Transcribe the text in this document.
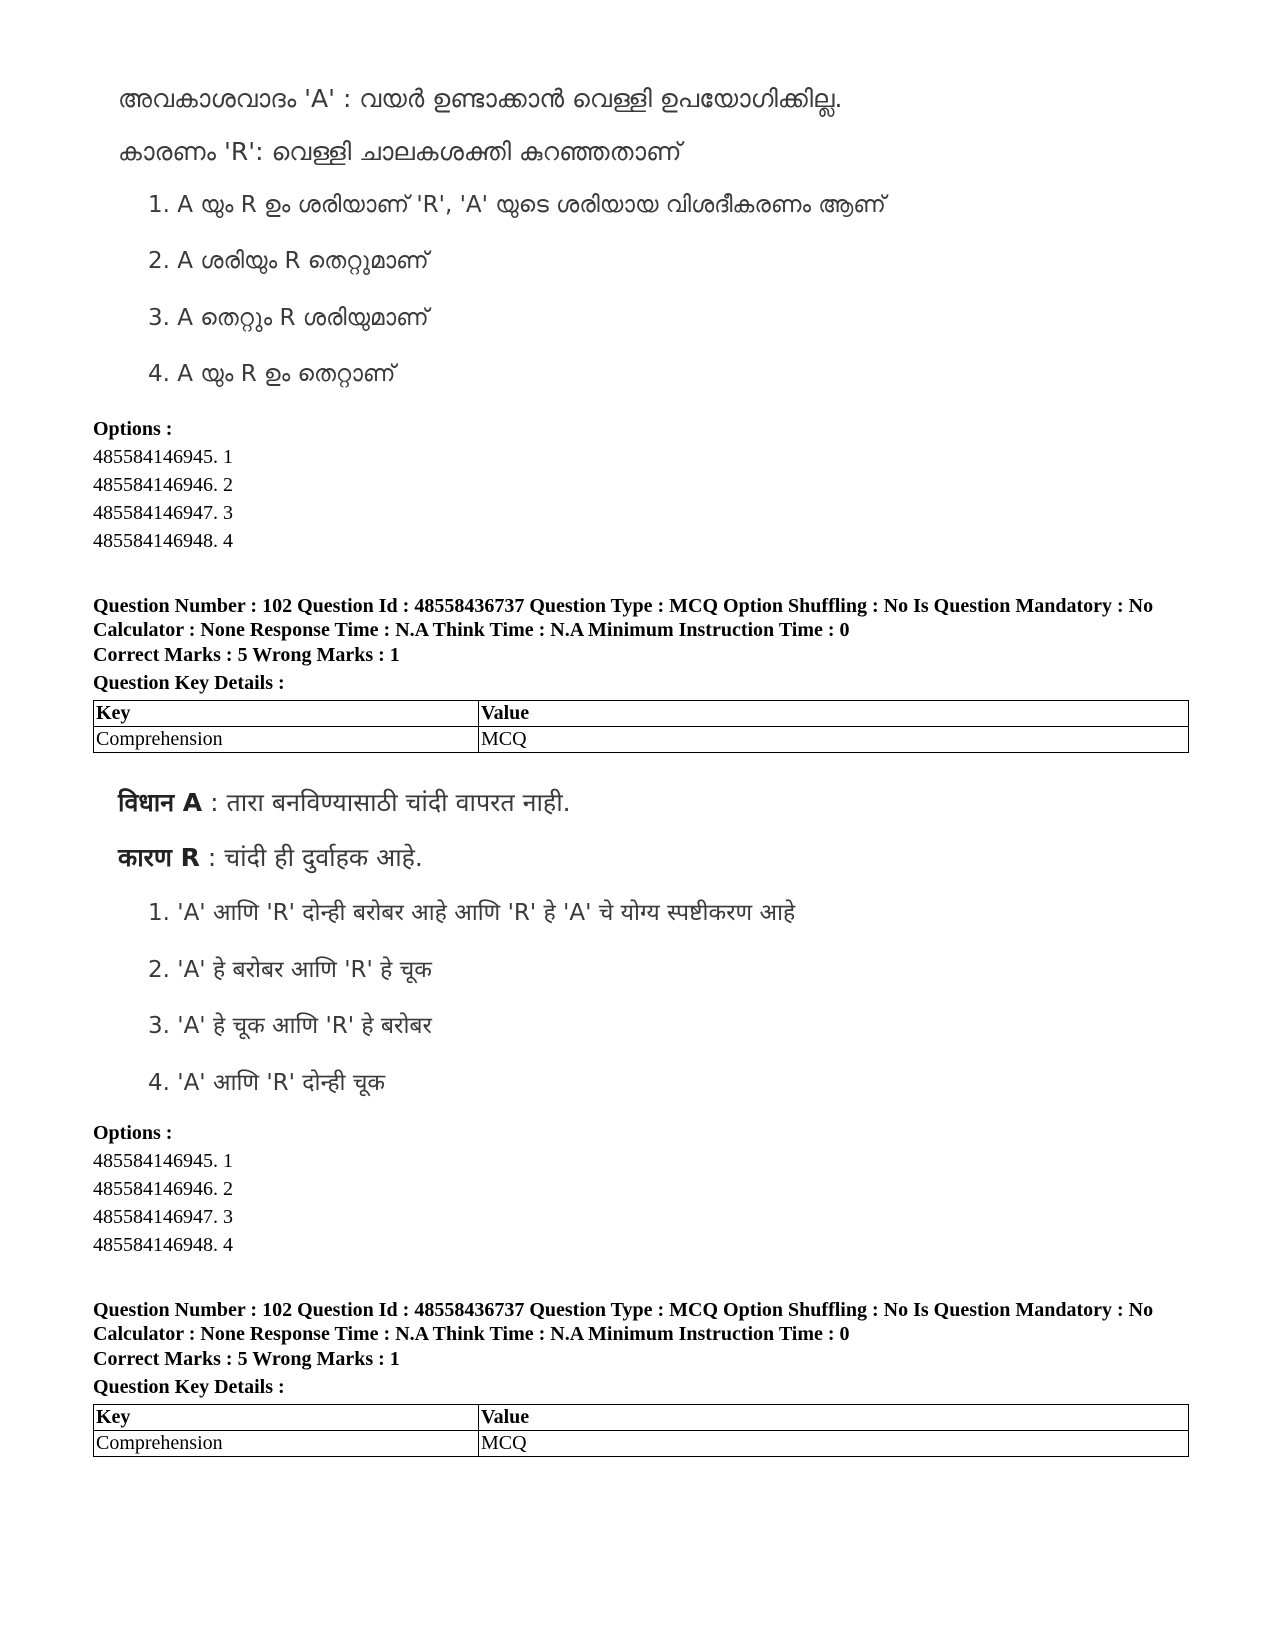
അവകാശവാദം 'A' : വയർ ഉണ്ടാക്കാൻ വെള്ളി ഉപയോഗിക്കില്ല.
കാരണം 'R': വെള്ളി ചാലകശക്തി കുറഞ്ഞതാണ്
1. A യും R ഉം ശരിയാണ് 'R', 'A' യുടെ ശരിയായ വിശദീകരണം ആണ്
2. A ശരിയും R തെറ്റുമാണ്
3. A തെറ്റും R ശരിയുമാണ്
4. A യും R ഉം തെറ്റാണ്
Options :
485584146945. 1
485584146946. 2
485584146947. 3
485584146948. 4
Question Number : 102 Question Id : 48558436737 Question Type : MCQ Option Shuffling : No Is Question Mandatory : No Calculator : None Response Time : N.A Think Time : N.A Minimum Instruction Time : 0
Correct Marks : 5 Wrong Marks : 1
Question Key Details :
Key	Value
Comprehension	MCQ
विधान A : तारा बनविण्यासाठी चांदी वापरत नाही.
कारण R : चांदी ही दुर्वाहक आहे.
1. 'A' आणि 'R' दोन्ही बरोबर आहे आणि 'R' हे 'A' चे योग्य स्पष्टीकरण आहे
2. 'A' हे बरोबर आणि 'R' हे चूक
3. 'A' हे चूक आणि 'R' हे बरोबर
4. 'A' आणि 'R' दोन्ही चूक
Options :
485584146945. 1
485584146946. 2
485584146947. 3
485584146948. 4
Question Number : 102 Question Id : 48558436737 Question Type : MCQ Option Shuffling : No Is Question Mandatory : No Calculator : None Response Time : N.A Think Time : N.A Minimum Instruction Time : 0
Correct Marks : 5 Wrong Marks : 1
Question Key Details :
Key	Value
Comprehension	MCQ
